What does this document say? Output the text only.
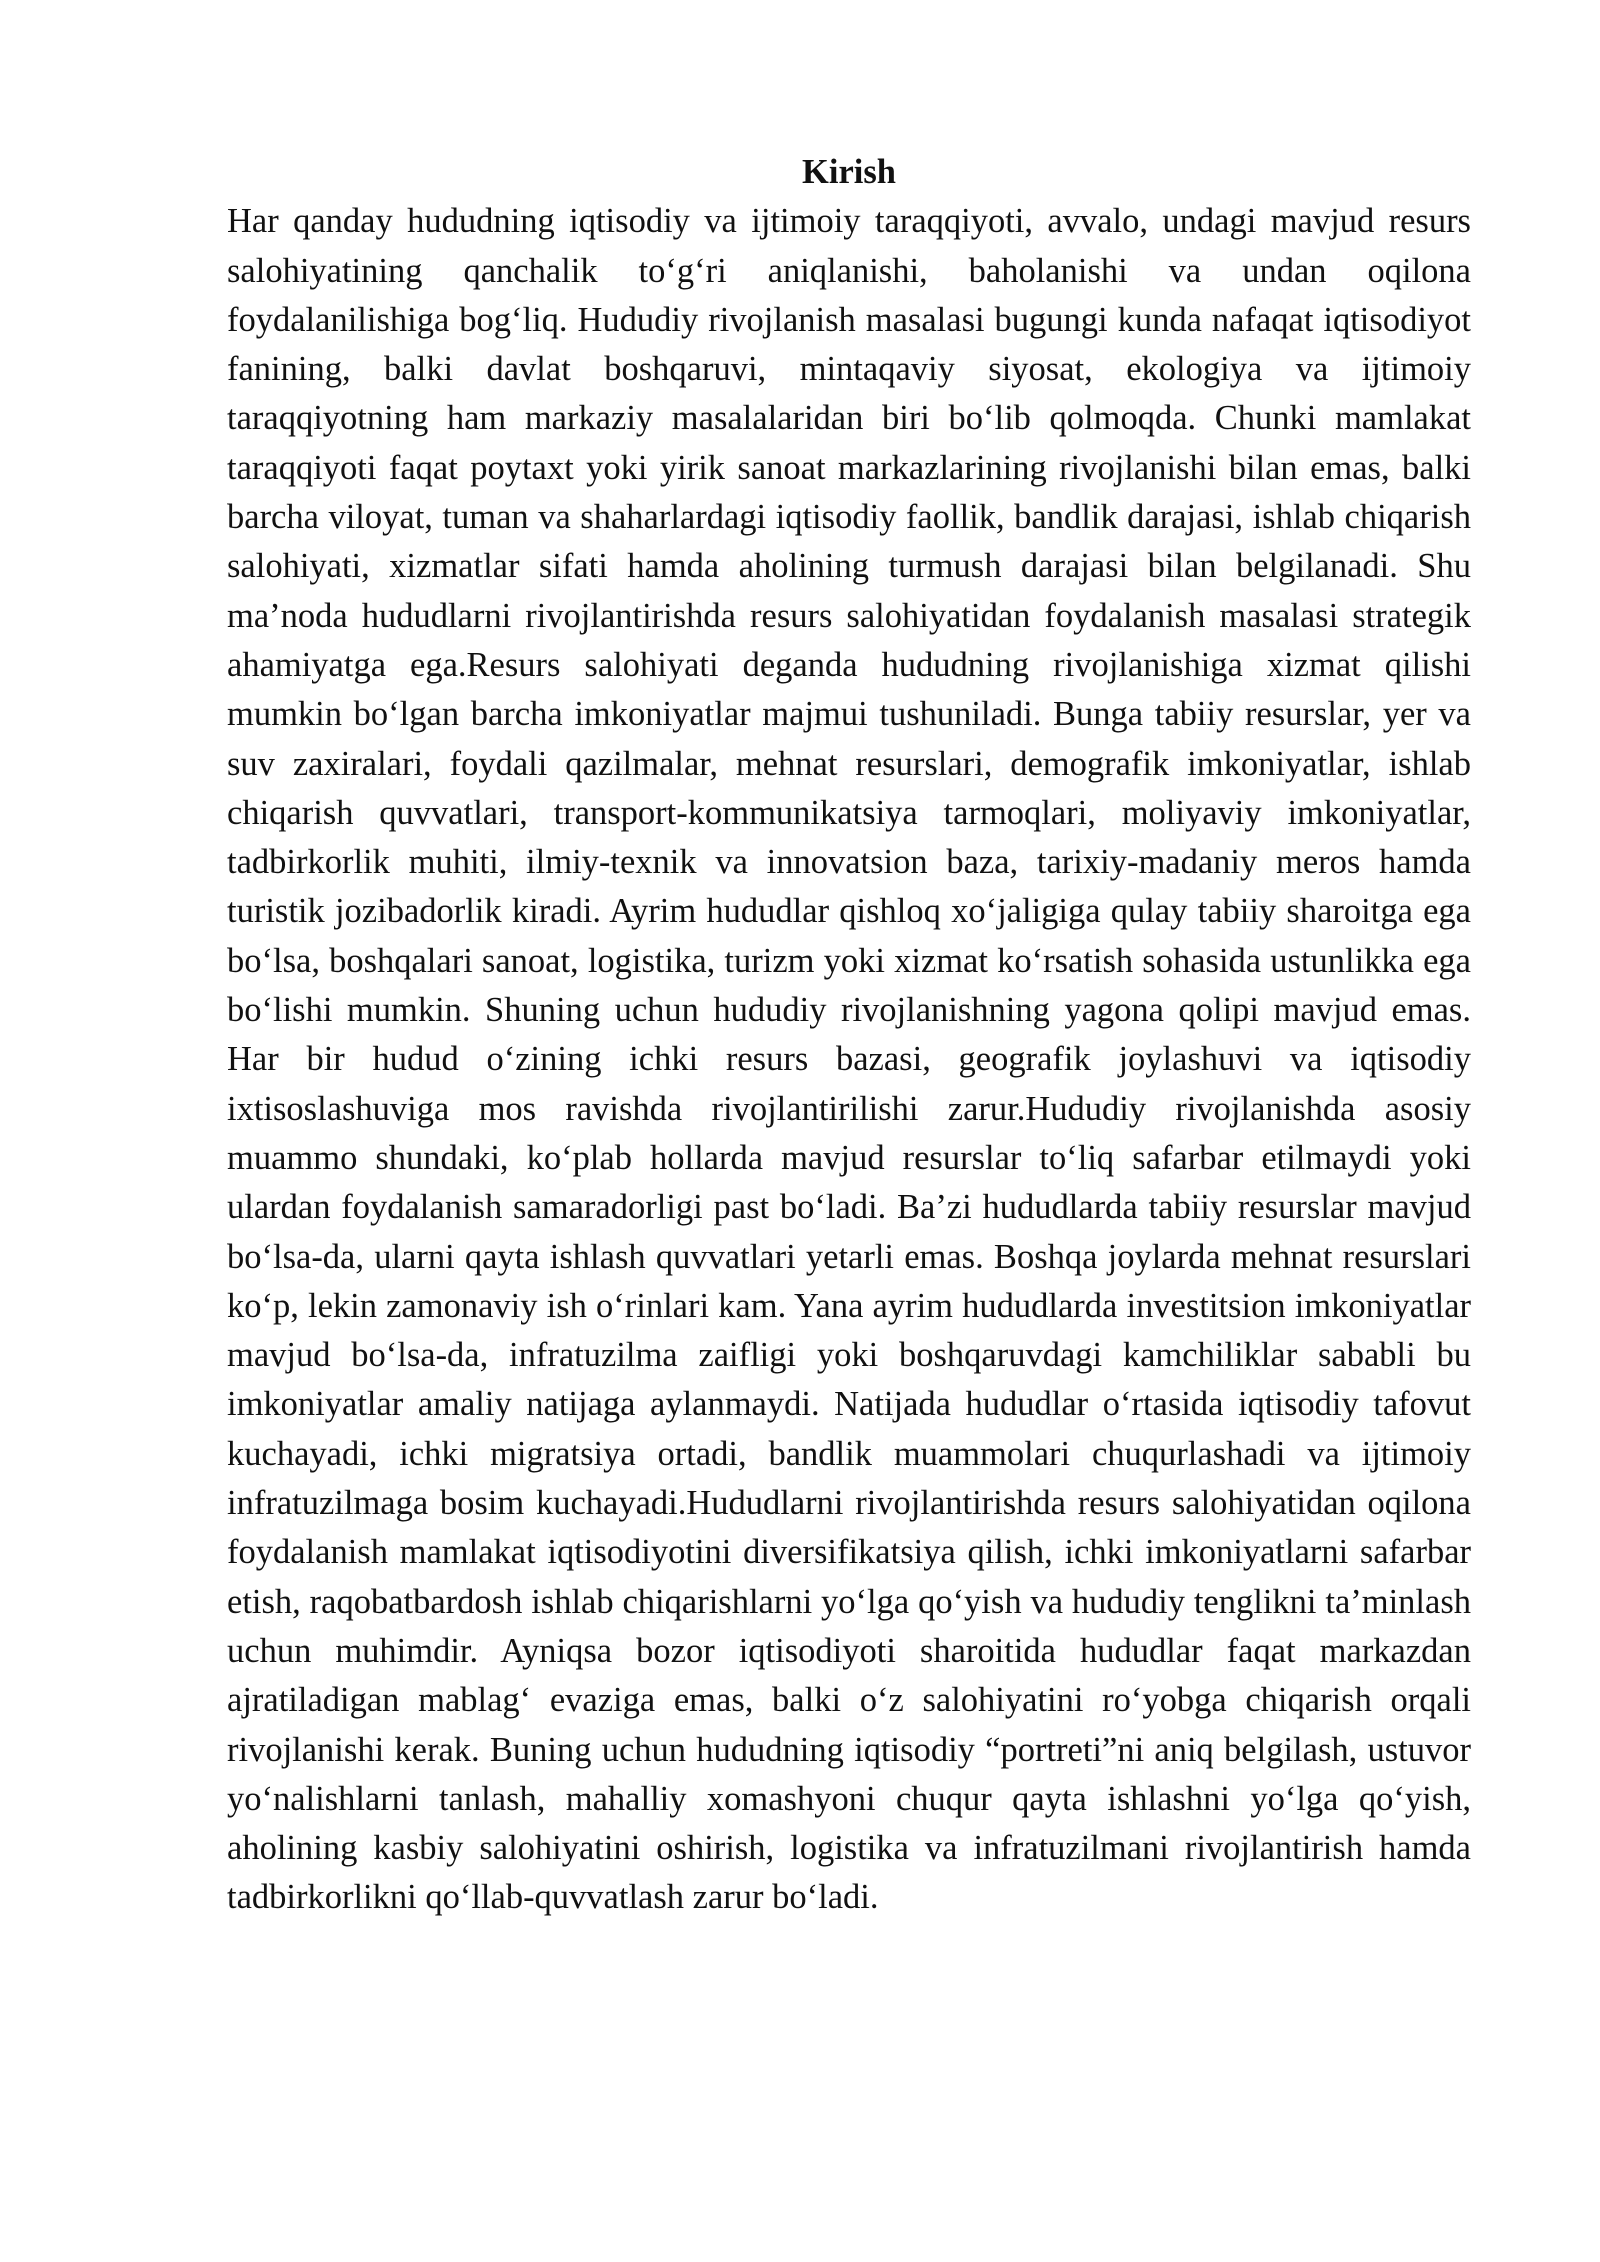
Kirish

Har qanday hududning iqtisodiy va ijtimoiy taraqqiyoti, avvalo, undagi mavjud resurs salohiyatining qanchalik to‘g‘ri aniqlanishi, baholanishi va undan oqilona foydalanilishiga bog‘liq. Hududiy rivojlanish masalasi bugungi kunda nafaqat iqtisodiyot fanining, balki davlat boshqaruvi, mintaqaviy siyosat, ekologiya va ijtimoiy taraqqiyotning ham markaziy masalalaridan biri bo‘lib qolmoqda. Chunki mamlakat taraqqiyoti faqat poytaxt yoki yirik sanoat markazlarining rivojlanishi bilan emas, balki barcha viloyat, tuman va shaharlardagi iqtisodiy faollik, bandlik darajasi, ishlab chiqarish salohiyati, xizmatlar sifati hamda aholining turmush darajasi bilan belgilanadi. Shu ma’noda hududlarni rivojlantirishda resurs salohiyatidan foydalanish masalasi strategik ahamiyatga ega.Resurs salohiyati deganda hududning rivojlanishiga xizmat qilishi mumkin bo‘lgan barcha imkoniyatlar majmui tushuniladi. Bunga tabiiy resurslar, yer va suv zaxiralari, foydali qazilmalar, mehnat resurslari, demografik imkoniyatlar, ishlab chiqarish quvvatlari, transport-kommunikatsiya tarmoqlari, moliyaviy imkoniyatlar, tadbirkorlik muhiti, ilmiy-texnik va innovatsion baza, tarixiy-madaniy meros hamda turistik jozibadorlik kiradi. Ayrim hududlar qishloq xo‘jaligiga qulay tabiiy sharoitga ega bo‘lsa, boshqalari sanoat, logistika, turizm yoki xizmat ko‘rsatish sohasida ustunlikka ega bo‘lishi mumkin. Shuning uchun hududiy rivojlanishning yagona qolipi mavjud emas. Har bir hudud o‘zining ichki resurs bazasi, geografik joylashuvi va iqtisodiy ixtisoslashuviga mos ravishda rivojlantirilishi zarur.Hududiy rivojlanishda asosiy muammo shundaki, ko‘plab hollarda mavjud resurslar to‘liq safarbar etilmaydi yoki ulardan foydalanish samaradorligi past bo‘ladi. Ba’zi hududlarda tabiiy resurslar mavjud bo‘lsa-da, ularni qayta ishlash quvvatlari yetarli emas. Boshqa joylarda mehnat resurslari ko‘p, lekin zamonaviy ish o‘rinlari kam. Yana ayrim hududlarda investitsion imkoniyatlar mavjud bo‘lsa-da, infratuzilma zaifligi yoki boshqaruvdagi kamchiliklar sababli bu imkoniyatlar amaliy natijaga aylanmaydi. Natijada hududlar o‘rtasida iqtisodiy tafovut kuchayadi, ichki migratsiya ortadi, bandlik muammolari chuqurlashadi va ijtimoiy infratuzilmaga bosim kuchayadi.Hududlarni rivojlantirishda resurs salohiyatidan oqilona foydalanish mamlakat iqtisodiyotini diversifikatsiya qilish, ichki imkoniyatlarni safarbar etish, raqobatbardosh ishlab chiqarishlarni yo‘lga qo‘yish va hududiy tenglikni ta’minlash uchun muhimdir. Ayniqsa bozor iqtisodiyoti sharoitida hududlar faqat markazdan ajratiladigan mablag‘ evaziga emas, balki o‘z salohiyatini ro‘yobga chiqarish orqali rivojlanishi kerak. Buning uchun hududning iqtisodiy “portreti”ni aniq belgilash, ustuvor yo‘nalishlarni tanlash, mahalliy xomashyoni chuqur qayta ishlashni yo‘lga qo‘yish, aholining kasbiy salohiyatini oshirish, logistika va infratuzilmani rivojlantirish hamda tadbirkorlikni qo‘llab-quvvatlash zarur bo‘ladi.
